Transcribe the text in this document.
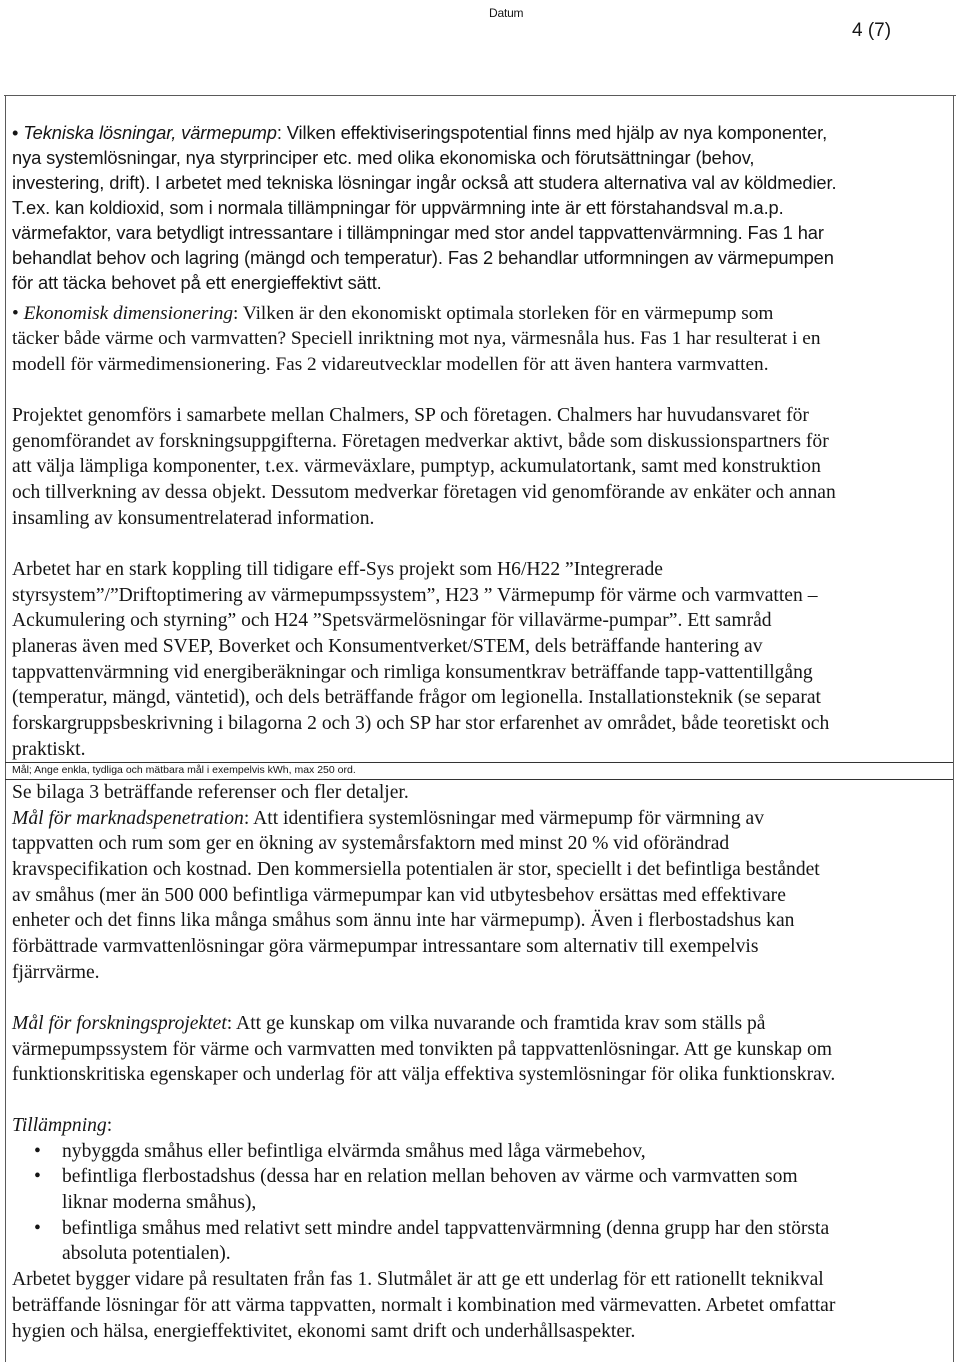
Datum
4 (7)
• Tekniska lösningar, värmepump: Vilken effektiviseringspotential finns med hjälp av nya komponenter,
nya systemlösningar, nya styrprinciper etc. med olika ekonomiska och förutsättningar (behov,
investering, drift). I arbetet med tekniska lösningar ingår också att studera alternativa val av köldmedier.
T.ex. kan koldioxid, som i normala tillämpningar för uppvärmning inte är ett förstahandsval m.a.p.
värmefaktor, vara betydligt intressantare i tillämpningar med stor andel tappvattenvärmning. Fas 1 har
behandlat behov och lagring (mängd och temperatur). Fas 2 behandlar utformningen av värmepumpen
för att täcka behovet på ett energieffektivt sätt.
• Ekonomisk dimensionering: Vilken är den ekonomiskt optimala storleken för en värmepump som
täcker både värme och varmvatten? Speciell inriktning mot nya, värmesnåla hus. Fas 1 har resulterat i en
modell för värmedimensionering. Fas 2 vidareutvecklar modellen för att även hantera varmvatten.
Projektet genomförs i samarbete mellan Chalmers, SP och företagen. Chalmers har huvudansvaret för
genomförandet av forskningsuppgifterna. Företagen medverkar aktivt, både som diskussionspartners för
att välja lämpliga komponenter, t.ex. värmeväxlare, pumptyp, ackumulatortank, samt med konstruktion
och tillverkning av dessa objekt. Dessutom medverkar företagen vid genomförande av enkäter och annan
insamling av konsumentrelaterad information.
Arbetet har en stark koppling till tidigare eff-Sys projekt som H6/H22 ”Integrerade
styrsystem”/”Driftoptimering av värmepumpssystem”, H23 ” Värmepump för värme och varmvatten –
Ackumulering och styrning” och H24 ”Spetsvärmelösningar för villavärme-pumpar”. Ett samråd
planeras även med SVEP, Boverket och Konsumentverket/STEM, dels beträffande hantering av
tappvattenvärmning vid energiberäkningar och rimliga konsumentkrav beträffande tapp-vattentillgång
(temperatur, mängd, väntetid), och dels beträffande frågor om legionella. Installationsteknik (se separat
forskargruppsbeskrivning i bilagorna 2 och 3) och SP har stor erfarenhet av området, både teoretiskt och
praktiskt.
Mål; Ange enkla, tydliga och mätbara mål i exempelvis kWh, max 250 ord.
Se bilaga 3 beträffande referenser och fler detaljer.
Mål för marknadspenetration: Att identifiera systemlösningar med värmepump för värmning av
tappvatten och rum som ger en ökning av systemårsfaktorn med minst 20 % vid oförändrad
kravspecifikation och kostnad. Den kommersiella potentialen är stor, speciellt i det befintliga beståndet
av småhus (mer än 500 000 befintliga värmepumpar kan vid utbytesbehov ersättas med effektivare
enheter och det finns lika många småhus som ännu inte har värmepump). Även i flerbostadshus kan
förbättrade varmvattenlösningar göra värmepumpar intressantare som alternativ till exempelvis
fjärrvärme.
Mål för forskningsprojektet: Att ge kunskap om vilka nuvarande och framtida krav som ställs på
värmepumpssystem för värme och varmvatten med tonvikten på tappvattenlösningar. Att ge kunskap om
funktionskritiska egenskaper och underlag för att välja effektiva systemlösningar för olika funktionskrav.
Tillämpning:
• nybyggda småhus eller befintliga elvärmda småhus med låga värmebehov,
• befintliga flerbostadshus (dessa har en relation mellan behoven av värme och varmvatten som
liknar moderna småhus),
• befintliga småhus med relativt sett mindre andel tappvattenvärmning (denna grupp har den största
absoluta potentialen).
Arbetet bygger vidare på resultaten från fas 1. Slutmålet är att ge ett underlag för ett rationellt teknikval
beträffande lösningar för att värma tappvatten, normalt i kombination med värmevatten. Arbetet omfattar
hygien och hälsa, energieffektivitet, ekonomi samt drift och underhållsaspekter.
